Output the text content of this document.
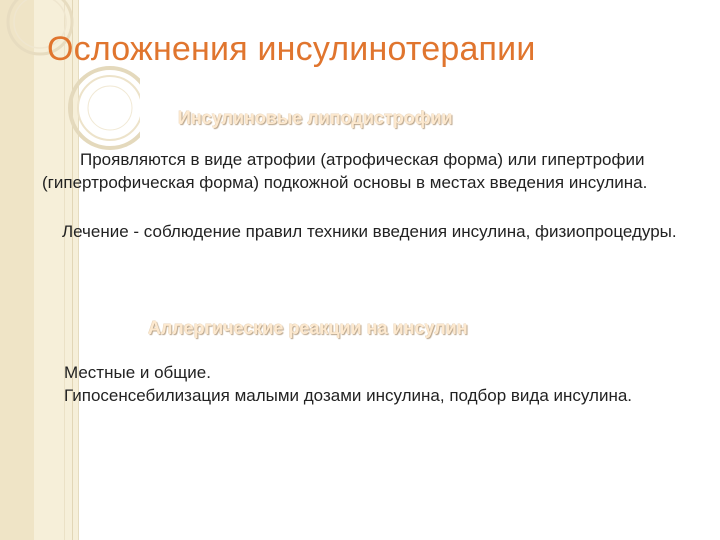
Осложнения инсулинотерапии
Инсулиновые липодистрофии
Проявляются в виде атрофии (атрофическая форма) или гипертрофии (гипертрофическая форма) подкожной основы в местах введения инсулина.
Лечение - соблюдение правил техники введения инсулина, физиопроцедуры.
Аллергические реакции на инсулин
Местные и общие.
Гипосенсебилизация малыми дозами инсулина, подбор вида инсулина.
